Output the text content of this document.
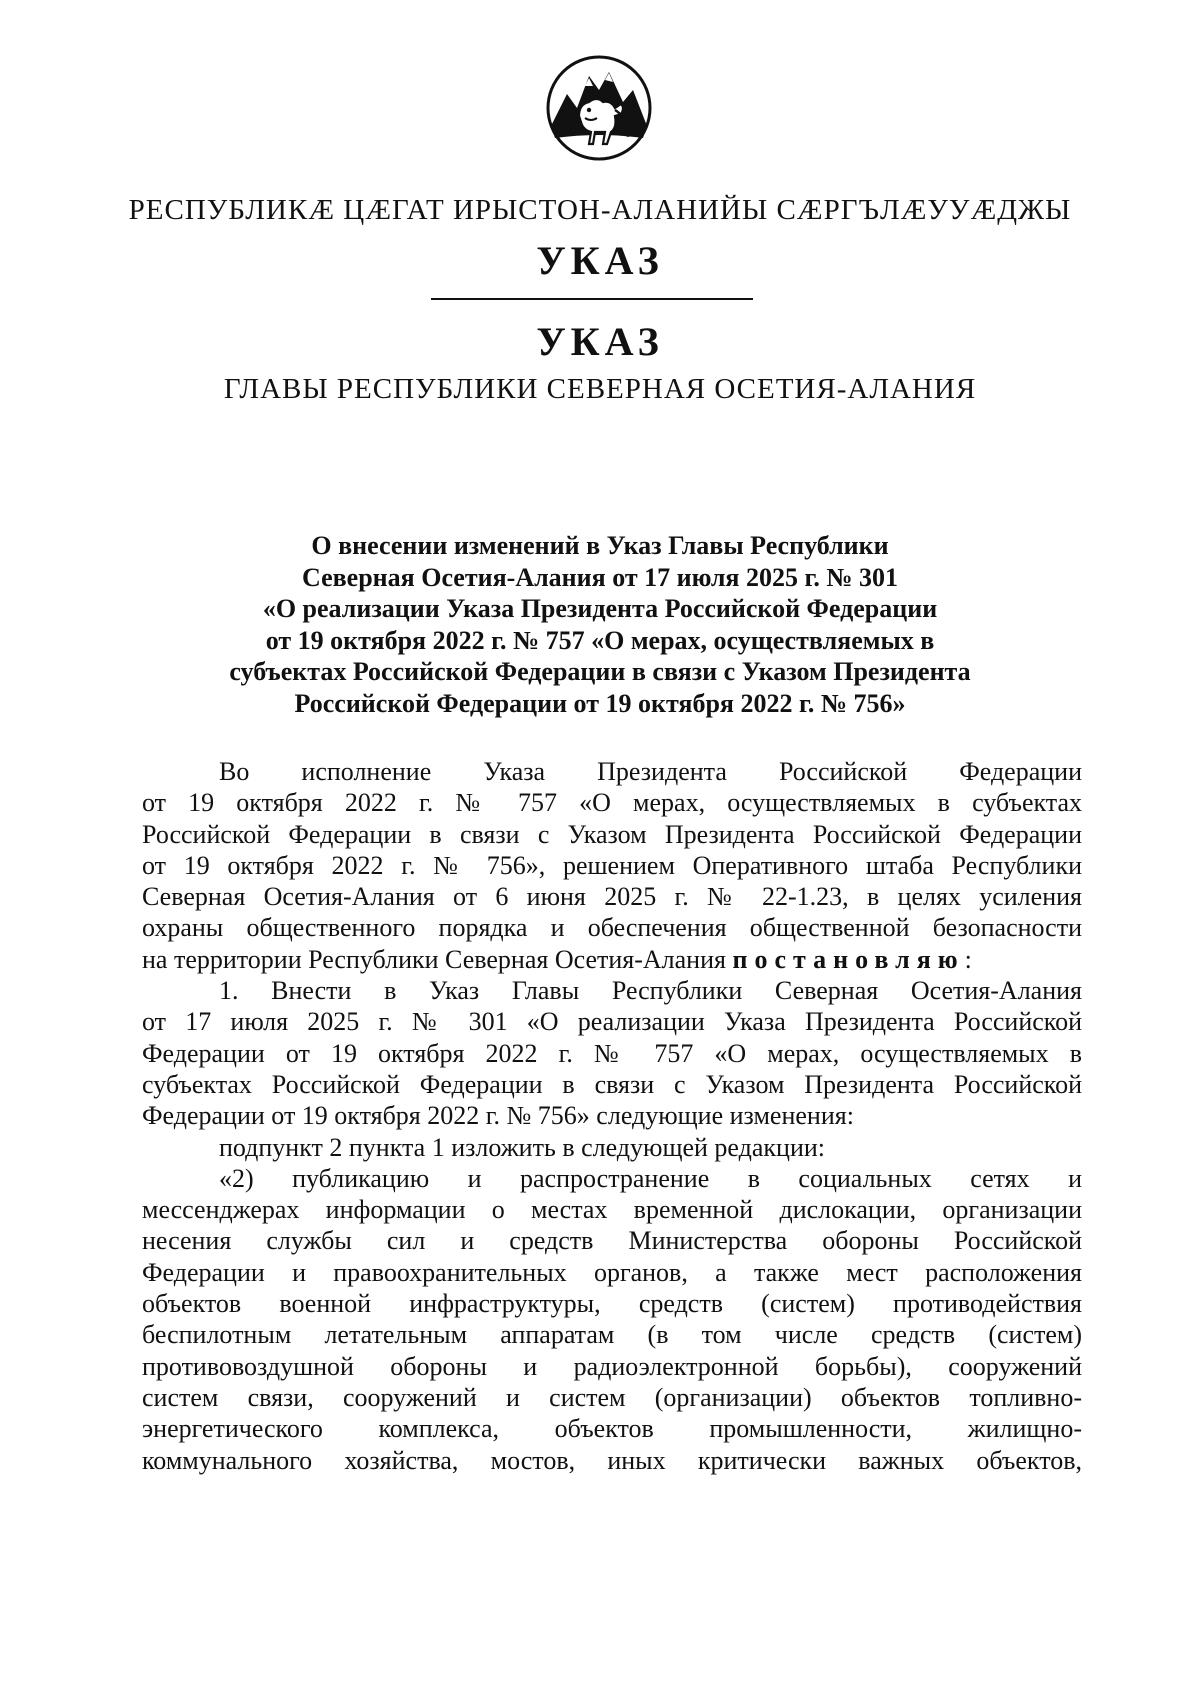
РЕСПУБЛИКÆ ЦÆГАТ ИРЫСТОН-АЛАНИЙЫ СÆРГЪЛÆУУÆДЖЫ
УКАЗ
УКАЗ
ГЛАВЫ РЕСПУБЛИКИ СЕВЕРНАЯ ОСЕТИЯ-АЛАНИЯ
О внесении изменений в Указ Главы Республики
Северная Осетия-Алания от 17 июля 2025 г. № 301
«О реализации Указа Президента Российской Федерации
от 19 октября 2022 г. № 757 «О мерах, осуществляемых в
субъектах Российской Федерации в связи с Указом Президента
Российской Федерации от 19 октября 2022 г. № 756»
Во исполнение Указа Президента Российской Федерации
от 19 октября 2022 г. № 757 «О мерах, осуществляемых в субъектах
Российской Федерации в связи с Указом Президента Российской Федерации
от 19 октября 2022 г. № 756», решением Оперативного штаба Республики
Северная Осетия-Алания от 6 июня 2025 г. № 22-1.23, в целях усиления
охраны общественного порядка и обеспечения общественной безопасности
на территории Республики Северная Осетия-Алания постановляю:
1. Внести в Указ Главы Республики Северная Осетия-Алания
от 17 июля 2025 г. № 301 «О реализации Указа Президента Российской
Федерации от 19 октября 2022 г. № 757 «О мерах, осуществляемых в
субъектах Российской Федерации в связи с Указом Президента Российской
Федерации от 19 октября 2022 г. № 756» следующие изменения:
подпункт 2 пункта 1 изложить в следующей редакции:
«2) публикацию и распространение в социальных сетях и
мессенджерах информации о местах временной дислокации, организации
несения службы сил и средств Министерства обороны Российской
Федерации и правоохранительных органов, а также мест расположения
объектов военной инфраструктуры, средств (систем) противодействия
беспилотным летательным аппаратам (в том числе средств (систем)
противовоздушной обороны и радиоэлектронной борьбы), сооружений
систем связи, сооружений и систем (организации) объектов топливно-
энергетического комплекса, объектов промышленности, жилищно-
коммунального хозяйства, мостов, иных критически важных объектов,
